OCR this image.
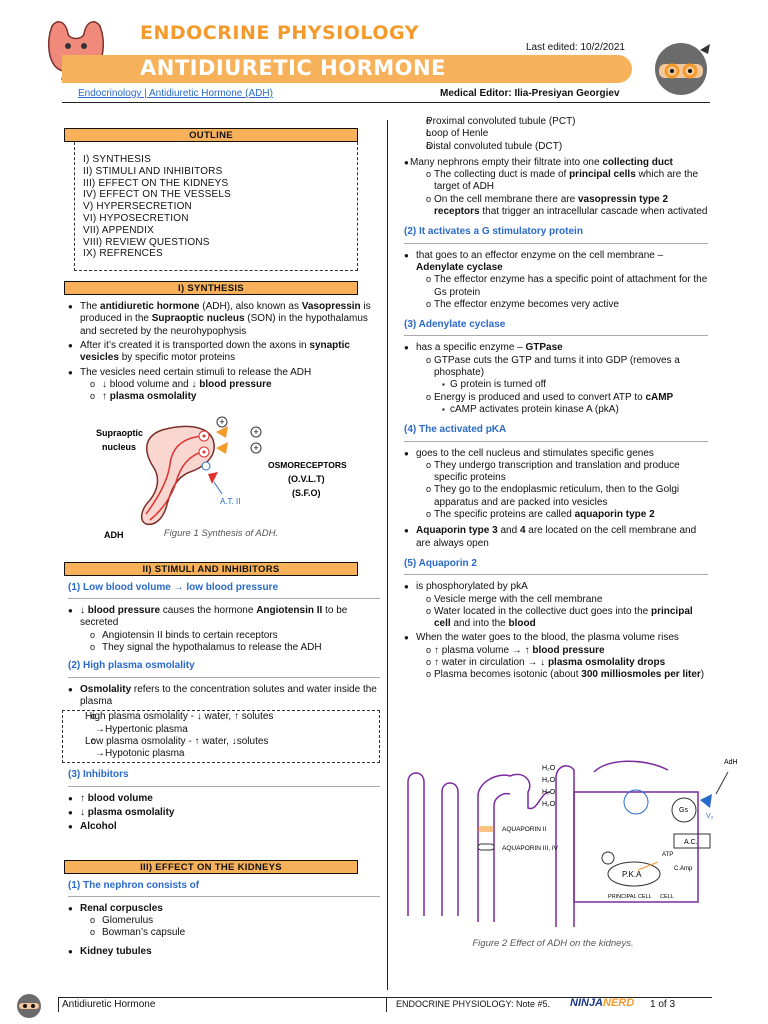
ENDOCRINE PHYSIOLOGY
Last edited: 10/2/2021
ANTIDIURETIC HORMONE
Endocrinology | Antidiuretic Hormone (ADH)	Medical Editor: Ilia-Presiyan Georgiev
OUTLINE
I) SYNTHESIS
II) STIMULI AND INHIBITORS
III) EFFECT ON THE KIDNEYS
IV) EFFECT ON THE VESSELS
V) HYPERSECRETION
VI) HYPOSECRETION
VII) APPENDIX
VIII) REVIEW QUESTIONS
IX) REFRENCES
I) SYNTHESIS
● The antidiuretic hormone (ADH), also known as Vasopressin is produced in the Supraoptic nucleus (SON) in the hypothalamus and secreted by the neurohypophysis
● After it’s created it is transported down the axons in synaptic vesicles by specific motor proteins
● The vesicles need certain stimuli to release the ADH
o ↓ blood volume and ↓ blood pressure
o ↑ plasma osmolality
+
+
+
Supraoptic
nucleus
OSMORECEPTORS
(O.V.L.T)
(S.F.O)
A.T. II
ADH	Figure 1 Synthesis of ADH.
II) STIMULI AND INHIBITORS
(1) Low blood volume → low blood pressure
● ↓ blood pressure causes the hormone Angiotensin II to be secreted
o Angiotensin II binds to certain receptors
o They signal the hypothalamus to release the ADH
(2) High plasma osmolality
● Osmolality refers to the concentration solutes and water inside the plasma
o High plasma osmolality - ↓ water, ↑ solutes
→Hypertonic plasma
o Low plasma osmolality - ↑ water, ↓solutes
→Hypotonic plasma
(3) Inhibitors
● ↑ blood volume
● ↓ plasma osmolality
● Alcohol
III) EFFECT ON THE KIDNEYS
(1) The nephron consists of
● Renal corpuscles
o Glomerulus
o Bowman’s capsule
● Kidney tubules
o Proximal convoluted tubule (PCT)
o Loop of Henle
o Distal convoluted tubule (DCT)
● Many nephrons empty their filtrate into one collecting duct
o The collecting duct is made of principal cells which are the target of ADH
o On the cell membrane there are vasopressin type 2 receptors that trigger an intracellular cascade when activated
(2) It activates a G stimulatory protein
● that goes to an effector enzyme on the cell membrane – Adenylate cyclase
o The effector enzyme has a specific point of attachment for the Gs protein
o The effector enzyme becomes very active
(3) Adenylate cyclase
● has a specific enzyme – GTPase
o GTPase cuts the GTP and turns it into GDP (removes a phosphate)
▪ G protein is turned off
o Energy is produced and used to convert ATP to cAMP
▪ cAMP activates protein kinase A (pkA)
(4) The activated pKA
● goes to the cell nucleus and stimulates specific genes
o They undergo transcription and translation and produce specific proteins
o They go to the endoplasmic reticulum, then to the Golgi apparatus and are packed into vesicles
o The specific proteins are called aquaporin type 2
● Aquaporin type 3 and 4 are located on the cell membrane and are always open
(5) Aquaporin 2
● is phosphorylated by pkA
o Vesicle merge with the cell membrane
o Water located in the collective duct goes into the principal cell and into the blood
● When the water goes to the blood, the plasma volume rises
o ↑ plasma volume → ↑ blood pressure
o ↑ water in circulation → ↓ plasma osmolality drops
o Plasma becomes isotonic (about 300 milliosmoles per liter)
H₂O
H₂O
H₂O
H₂O
AQUAPORIN II
AQUAPORIN III, IV
AdH
Gs
V₂
A.C.
ATP
C.Amp
P.K.A
PRINCIPAL CELL CELL
Figure 2 Effect of ADH on the kidneys.
Antidiuretic Hormone	ENDOCRINE PHYSIOLOGY: Note #5. NINJANERD 1 of 3
